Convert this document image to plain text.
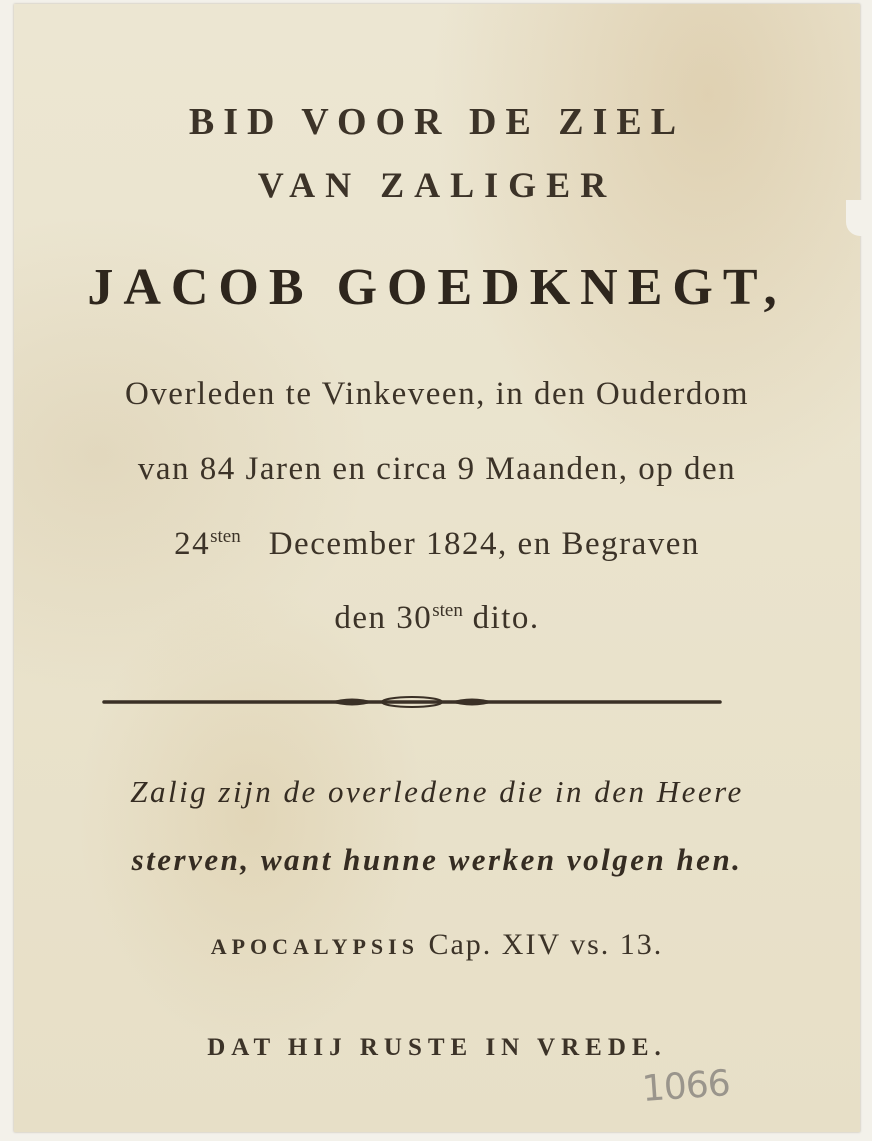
BID VOOR DE ZIEL
VAN ZALIGER
JACOB GOEDKNEGT,
Overleden te Vinkeveen, in den Ouderdom
van 84 Jaren en circa 9 Maanden, op den
$24^{sten}$ December 1824, en Begraven
den $30^{sten}$ dito.
Zalig zijn de overledene die in den Heere
sterven, want hunne werken volgen hen.
APOCALYPSIS Cap. XIV vs. 13.
DAT HIJ RUSTE IN VREDE.
1066
